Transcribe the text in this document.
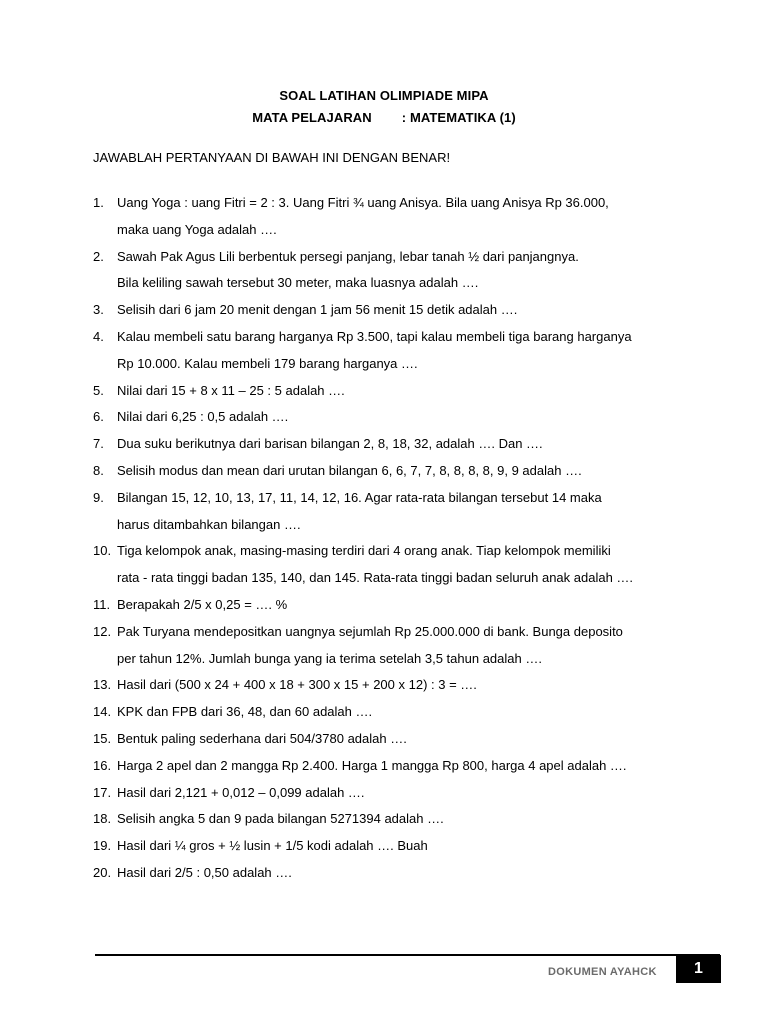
SOAL LATIHAN OLIMPIADE MIPA
MATA PELAJARAN : MATEMATIKA (1)
JAWABLAH PERTANYAAN DI BAWAH INI DENGAN BENAR!
1. Uang Yoga : uang Fitri = 2 : 3. Uang Fitri ¾ uang Anisya. Bila uang Anisya Rp 36.000,
maka uang Yoga adalah ….
2. Sawah Pak Agus Lili berbentuk persegi panjang, lebar tanah ½ dari panjangnya.
Bila keliling sawah tersebut 30 meter, maka luasnya adalah ….
3. Selisih dari 6 jam 20 menit dengan 1 jam 56 menit 15 detik adalah ….
4. Kalau membeli satu barang harganya Rp 3.500, tapi kalau membeli tiga barang harganya
Rp 10.000. Kalau membeli 179 barang harganya ….
5. Nilai dari 15 + 8 x 11 – 25 : 5 adalah ….
6. Nilai dari 6,25 : 0,5 adalah ….
7. Dua suku berikutnya dari barisan bilangan 2, 8, 18, 32, adalah …. Dan ….
8. Selisih modus dan mean dari urutan bilangan 6, 6, 7, 7, 8, 8, 8, 8, 9, 9 adalah ….
9. Bilangan 15, 12, 10, 13, 17, 11, 14, 12, 16. Agar rata-rata bilangan tersebut 14 maka
harus ditambahkan bilangan ….
10. Tiga kelompok anak, masing-masing terdiri dari 4 orang anak. Tiap kelompok memiliki
rata - rata tinggi badan 135, 140, dan 145. Rata-rata tinggi badan seluruh anak adalah ….
11. Berapakah 2/5 x 0,25 = …. %
12. Pak Turyana mendepositkan uangnya sejumlah Rp 25.000.000 di bank. Bunga deposito
per tahun 12%. Jumlah bunga yang ia terima setelah 3,5 tahun adalah ….
13. Hasil dari (500 x 24 + 400 x 18 + 300 x 15 + 200 x 12) : 3 = ….
14. KPK dan FPB dari 36, 48, dan 60 adalah ….
15. Bentuk paling sederhana dari 504/3780 adalah ….
16. Harga 2 apel dan 2 mangga Rp 2.400. Harga 1 mangga Rp 800, harga 4 apel adalah ….
17. Hasil dari 2,121 + 0,012 – 0,099 adalah ….
18. Selisih angka 5 dan 9 pada bilangan 5271394 adalah ….
19. Hasil dari ¼ gros + ½ lusin + 1/5 kodi adalah …. Buah
20. Hasil dari 2/5 : 0,50 adalah ….
DOKUMEN AYAHCK 1
